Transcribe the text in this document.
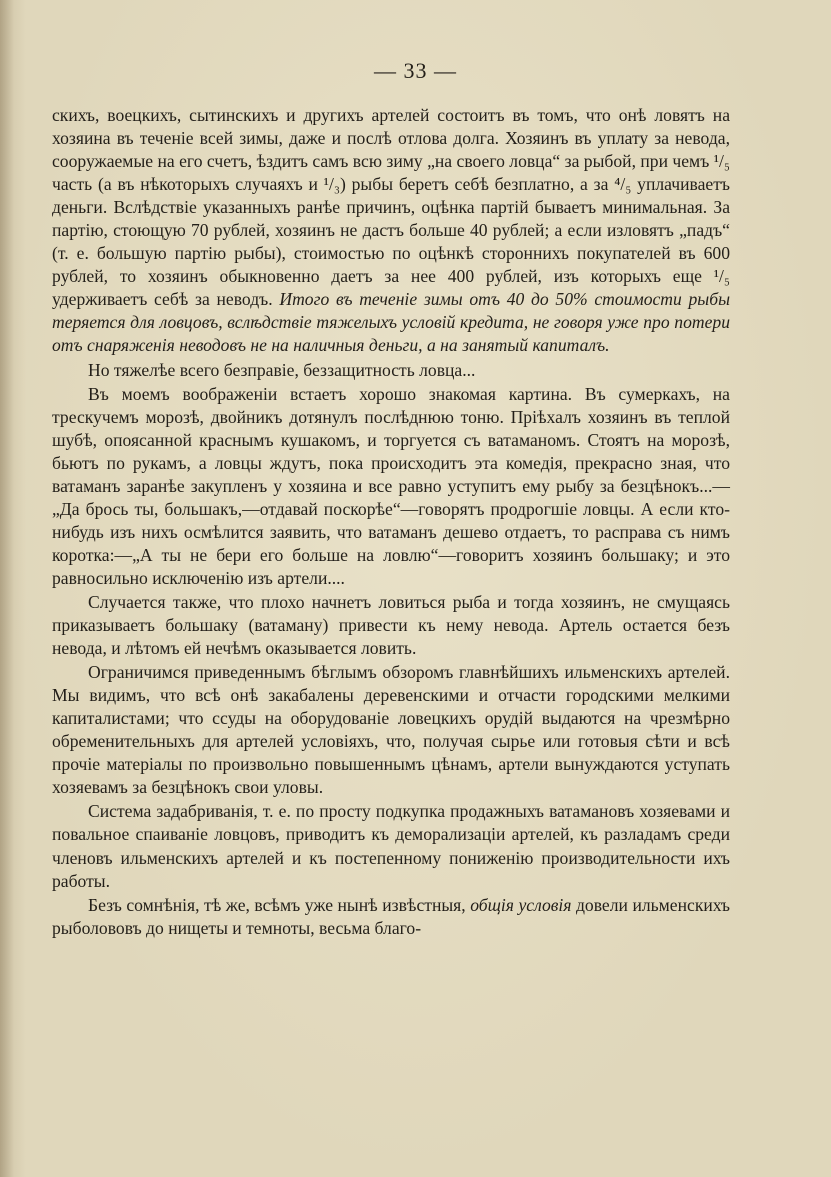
— 33 —

скихъ, воецкихъ, сытинскихъ и другихъ артелей состоитъ въ томъ, что онѣ ловятъ на хозяина въ теченіе всей зимы, даже и послѣ отлова долга. Хозяинъ въ уплату за невода, сооружаемые на его счетъ, ѣздитъ самъ всю зиму „на своего ловца“ за рыбой, при чемъ ¹/₅ часть (а въ нѣкоторыхъ случаяхъ и ¹/₃) рыбы беретъ себѣ безплатно, а за ⁴/₅ уплачиваетъ деньги. Вслѣдствіе указанныхъ ранѣе причинъ, оцѣнка партій бываетъ минимальная. За партію, стоющую 70 рублей, хозяинъ не дастъ больше 40 рублей; а если изловятъ „падъ“ (т. е. большую партію рыбы), стоимостью по оцѣнкѣ стороннихъ покупателей въ 600 рублей, то хозяинъ обыкновенно даетъ за нее 400 рублей, изъ которыхъ еще ¹/₅ удерживаетъ себѣ за неводъ. Итого въ теченіе зимы отъ 40 до 50% стоимости рыбы теряется для ловцовъ, вслѣдствіе тяжелыхъ условій кредита, не говоря уже про потери отъ снаряженія неводовъ не на наличныя деньги, а на занятый капиталъ.

Но тяжелѣе всего безправіе, беззащитность ловца...

Въ моемъ воображеніи встаетъ хорошо знакомая картина. Въ сумеркахъ, на трескучемъ морозѣ, двойникъ дотянулъ послѣднюю тоню. Пріѣхалъ хозяинъ въ теплой шубѣ, опоясанной краснымъ кушакомъ, и торгуется съ ватаманомъ. Стоятъ на морозѣ, бьютъ по рукамъ, а ловцы ждутъ, пока происходитъ эта комедія, прекрасно зная, что ватаманъ заранѣе закупленъ у хозяина и все равно уступитъ ему рыбу за безцѣнокъ...— „Да брось ты, большакъ,—отдавай поскорѣе“—говорятъ продрогшіе ловцы. А если кто-нибудь изъ нихъ осмѣлится заявить, что ватаманъ дешево отдаетъ, то расправа съ нимъ коротка:—„А ты не бери его больше на ловлю“—говоритъ хозяинъ большаку; и это равносильно исключенію изъ артели....

Случается также, что плохо начнетъ ловиться рыба и тогда хозяинъ, не смущаясь приказываетъ большаку (ватаману) привести къ нему невода. Артель остается безъ невода, и лѣтомъ ей нечѣмъ оказывается ловить.

Ограничимся приведеннымъ бѣглымъ обзоромъ главнѣйшихъ ильменскихъ артелей. Мы видимъ, что всѣ онѣ закабалены деревенскими и отчасти городскими мелкими капиталистами; что ссуды на оборудованіе ловецкихъ орудій выдаются на чрезмѣрно обременительныхъ для артелей условіяхъ, что, получая сырье или готовыя сѣти и всѣ прочіе матеріалы по произвольно повышеннымъ цѣнамъ, артели вынуждаются уступать хозяевамъ за безцѣнокъ свои уловы.

Система задабриванія, т. е. по просту подкупка продажныхъ ватамановъ хозяевами и повальное спаиваніе ловцовъ, приводитъ къ деморализаціи артелей, къ разладамъ среди членовъ ильменскихъ артелей и къ постепенному пониженію производительности ихъ работы.

Безъ сомнѣнія, тѣ же, всѣмъ уже нынѣ извѣстныя, общія условія довели ильменскихъ рыболововъ до нищеты и темноты, весьма благо-
